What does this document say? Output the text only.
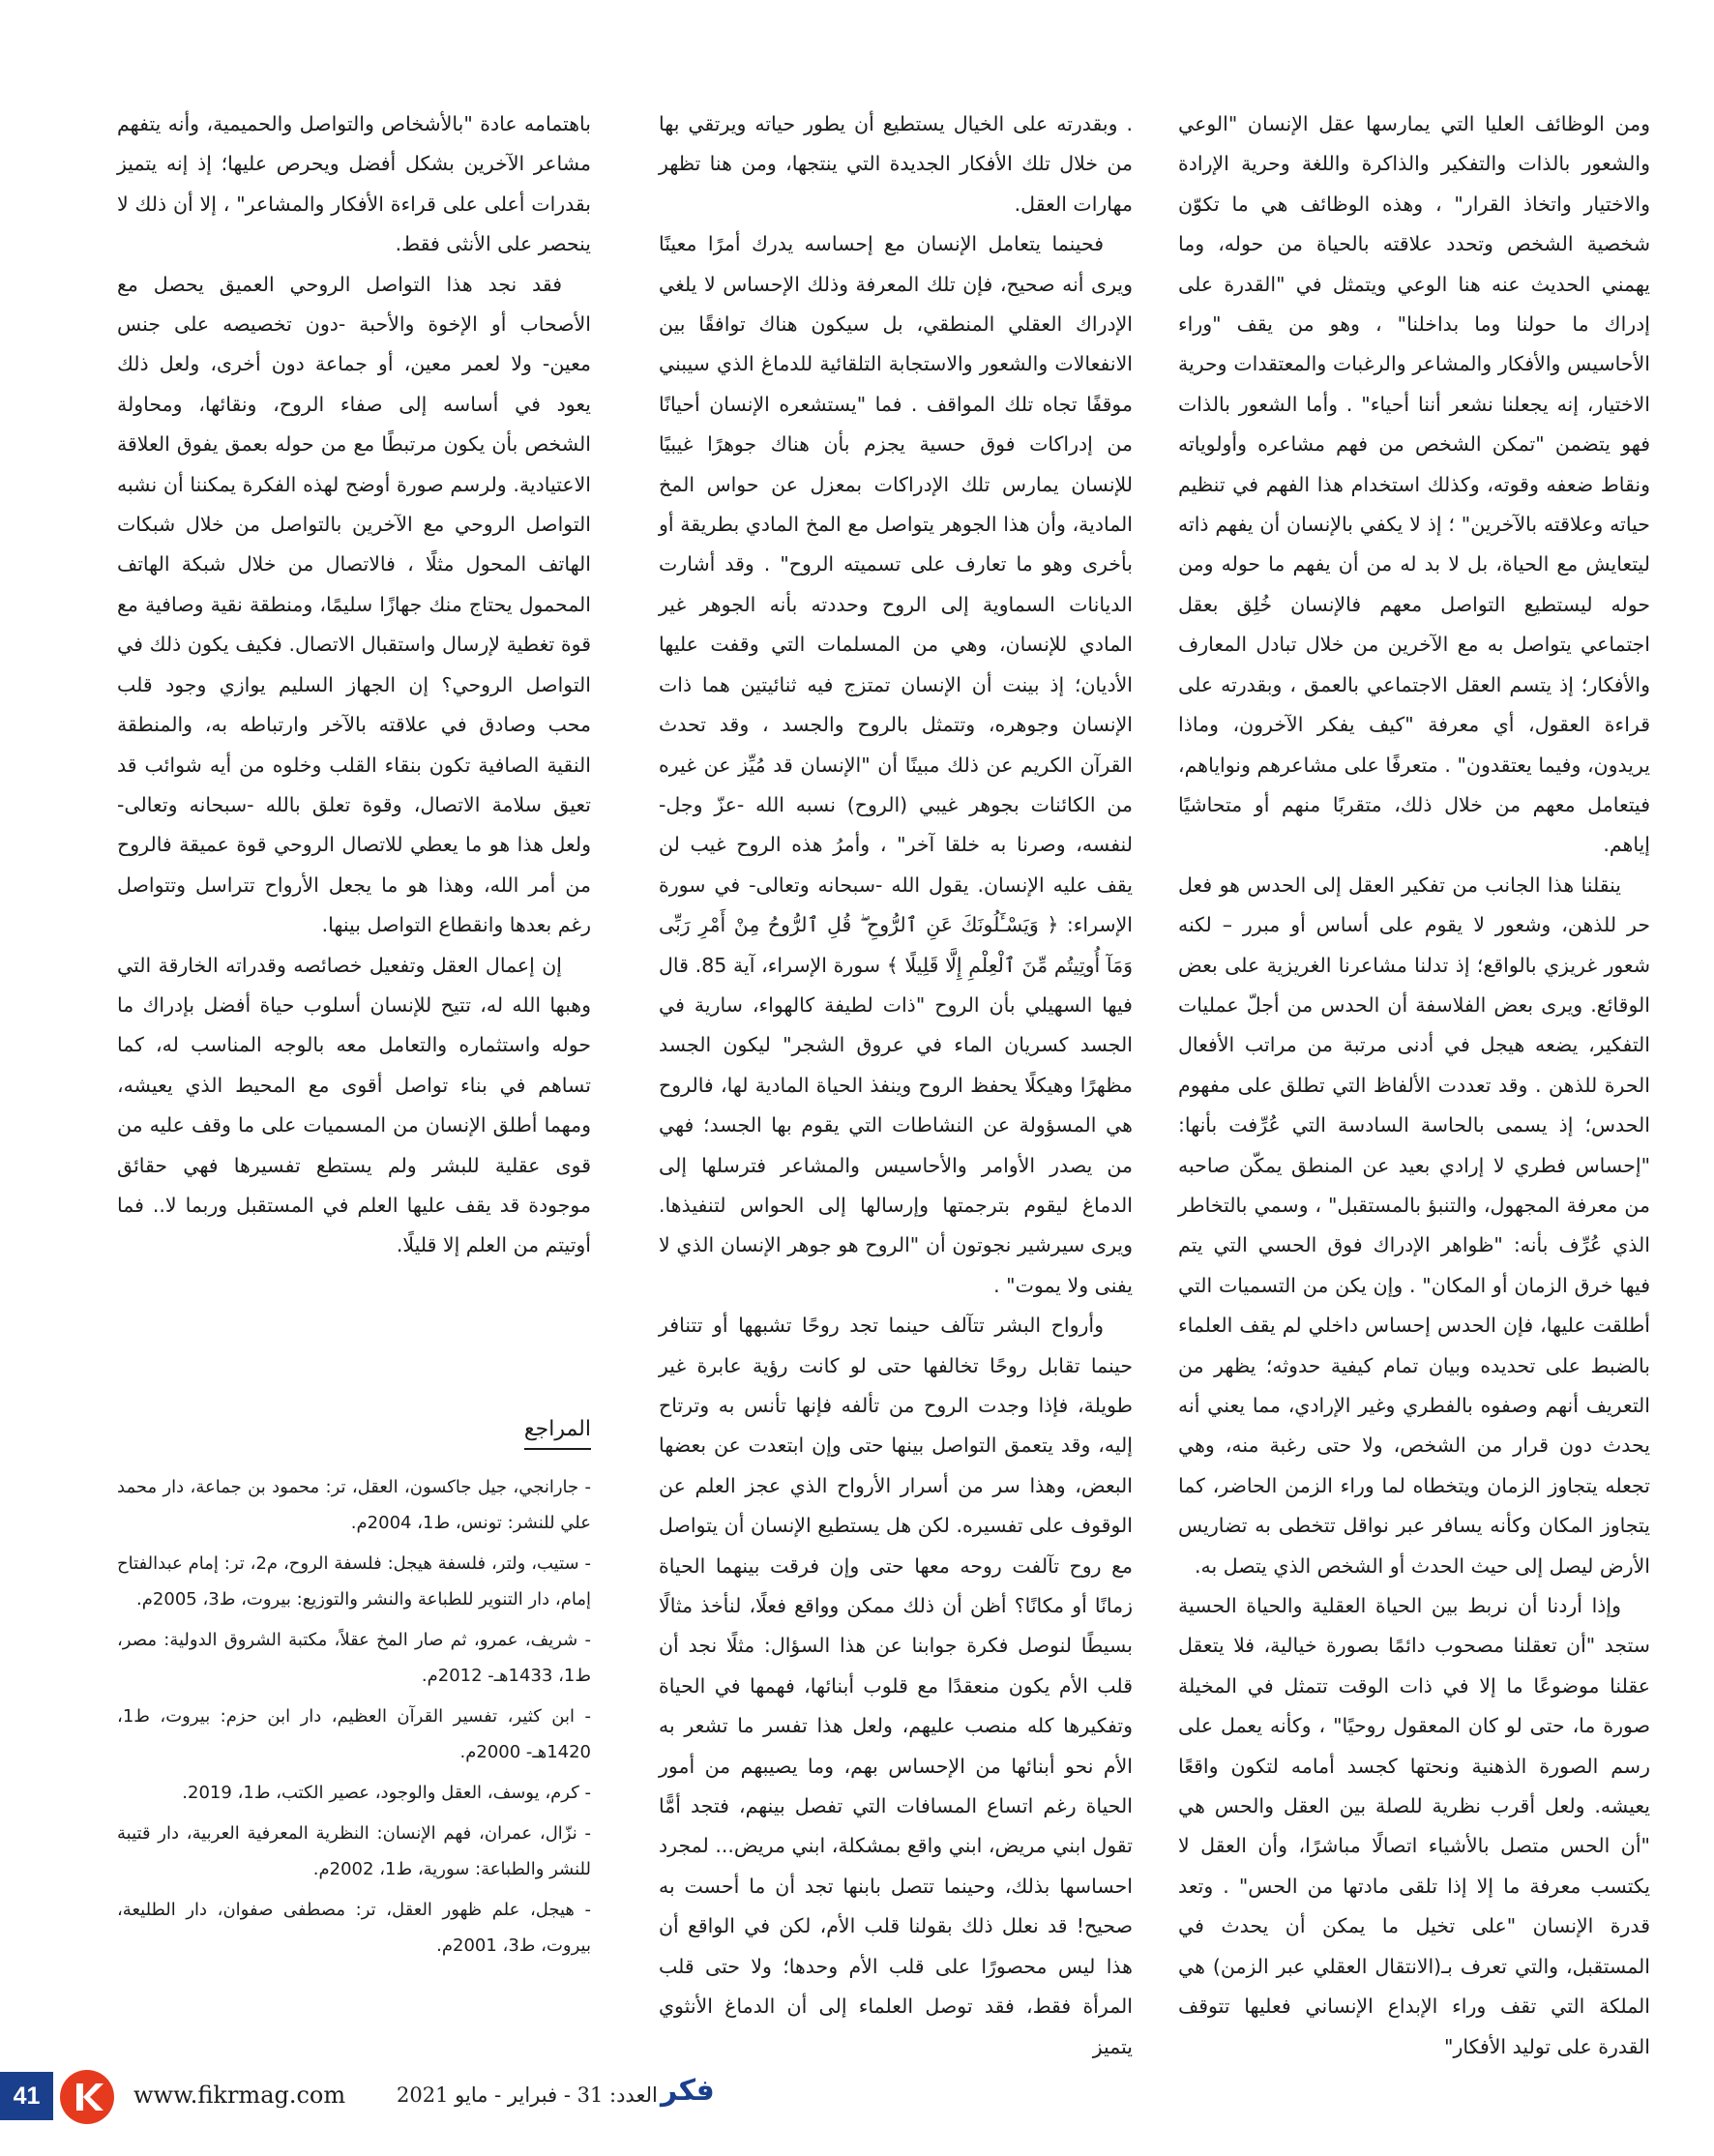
ومن الوظائف العليا التي يمارسها عقل الإنسان "الوعي والشعور بالذات والتفكير والذاكرة واللغة وحرية الإرادة والاختيار واتخاذ القرار" ، وهذه الوظائف هي ما تكوّن شخصية الشخص وتحدد علاقته بالحياة من حوله، وما يهمني الحديث عنه هنا الوعي ويتمثل في "القدرة على إدراك ما حولنا وما بداخلنا" ، وهو من يقف "وراء الأحاسيس والأفكار والمشاعر والرغبات والمعتقدات وحرية الاختيار، إنه يجعلنا نشعر أننا أحياء" . وأما الشعور بالذات فهو يتضمن "تمكن الشخص من فهم مشاعره وأولوياته ونقاط ضعفه وقوته، وكذلك استخدام هذا الفهم في تنظيم حياته وعلاقته بالآخرين" ؛ إذ لا يكفي بالإنسان أن يفهم ذاته ليتعايش مع الحياة، بل لا بد له من أن يفهم ما حوله ومن حوله ليستطيع التواصل معهم فالإنسان خُلِق بعقل اجتماعي يتواصل به مع الآخرين من خلال تبادل المعارف والأفكار؛ إذ يتسم العقل الاجتماعي بالعمق ، وبقدرته على قراءة العقول، أي معرفة "كيف يفكر الآخرون، وماذا يريدون، وفيما يعتقدون" . متعرفًا على مشاعرهم ونواياهم، فيتعامل معهم من خلال ذلك، متقربًا منهم أو متحاشيًا إياهم.

ينقلنا هذا الجانب من تفكير العقل إلى الحدس هو فعل حر للذهن، وشعور لا يقوم على أساس أو مبرر – لكنه شعور غريزي بالواقع؛ إذ تدلنا مشاعرنا الغريزية على بعض الوقائع. ويرى بعض الفلاسفة أن الحدس من أجلّ عمليات التفكير، يضعه هيجل في أدنى مرتبة من مراتب الأفعال الحرة للذهن . وقد تعددت الألفاظ التي تطلق على مفهوم الحدس؛ إذ يسمى بالحاسة السادسة التي عُرِّفت بأنها: "إحساس فطري لا إرادي بعيد عن المنطق يمكّن صاحبه من معرفة المجهول، والتنبؤ بالمستقبل" ، وسمي بالتخاطر الذي عُرِّف بأنه: "ظواهر الإدراك فوق الحسي التي يتم فيها خرق الزمان أو المكان" . وإن يكن من التسميات التي أطلقت عليها، فإن الحدس إحساس داخلي لم يقف العلماء بالضبط على تحديده وبيان تمام كيفية حدوثه؛ يظهر من التعريف أنهم وصفوه بالفطري وغير الإرادي، مما يعني أنه يحدث دون قرار من الشخص، ولا حتى رغبة منه، وهي تجعله يتجاوز الزمان ويتخطاه لما وراء الزمن الحاضر، كما يتجاوز المكان وكأنه يسافر عبر نواقل تتخطى به تضاريس الأرض ليصل إلى حيث الحدث أو الشخص الذي يتصل به.

وإذا أردنا أن نربط بين الحياة العقلية والحياة الحسية ستجد "أن تعقلنا مصحوب دائمًا بصورة خيالية، فلا يتعقل عقلنا موضوعًا ما إلا في ذات الوقت تتمثل في المخيلة صورة ما، حتى لو كان المعقول روحيًا" ، وكأنه يعمل على رسم الصورة الذهنية ونحتها كجسد أمامه لتكون واقعًا يعيشه. ولعل أقرب نظرية للصلة بين العقل والحس هي "أن الحس متصل بالأشياء اتصالًا مباشرًا، وأن العقل لا يكتسب معرفة ما إلا إذا تلقى مادتها من الحس" . وتعد قدرة الإنسان "على تخيل ما يمكن أن يحدث في المستقبل، والتي تعرف بـ(الانتقال العقلي عبر الزمن) هي الملكة التي تقف وراء الإبداع الإنساني فعليها تتوقف القدرة على توليد الأفكار"

. وبقدرته على الخيال يستطيع أن يطور حياته ويرتقي بها من خلال تلك الأفكار الجديدة التي ينتجها، ومن هنا تظهر مهارات العقل.

فحينما يتعامل الإنسان مع إحساسه يدرك أمرًا معينًا ويرى أنه صحيح، فإن تلك المعرفة وذلك الإحساس لا يلغي الإدراك العقلي المنطقي، بل سيكون هناك توافقًا بين الانفعالات والشعور والاستجابة التلقائية للدماغ الذي سيبني موقفًا تجاه تلك المواقف . فما "يستشعره الإنسان أحيانًا من إدراكات فوق حسية يجزم بأن هناك جوهرًا غيبيًا للإنسان يمارس تلك الإدراكات بمعزل عن حواس المخ المادية، وأن هذا الجوهر يتواصل مع المخ المادي بطريقة أو بأخرى وهو ما تعارف على تسميته الروح" . وقد أشارت الديانات السماوية إلى الروح وحددته بأنه الجوهر غير المادي للإنسان، وهي من المسلمات التي وقفت عليها الأديان؛ إذ بينت أن الإنسان تمتزج فيه ثنائيتين هما ذات الإنسان وجوهره، وتتمثل بالروح والجسد ، وقد تحدث القرآن الكريم عن ذلك مبينًا أن "الإنسان قد مُيِّز عن غيره من الكائنات بجوهر غيبي (الروح) نسبه الله -عزّ وجل- لنفسه، وصرنا به خلقا آخر" ، وأمرُ هذه الروح غيب لن يقف عليه الإنسان. يقول الله -سبحانه وتعالى- في سورة الإسراء: ﴿ وَيَسْـَٔلُونَكَ عَنِ ٱلرُّوحِ ۖ قُلِ ٱلرُّوحُ مِنْ أَمْرِ رَبِّى وَمَآ أُوتِيتُم مِّنَ ٱلْعِلْمِ إِلَّا قَلِيلًا ﴾ سورة الإسراء، آية 85. قال فيها السهيلي بأن الروح "ذات لطيفة كالهواء، سارية في الجسد كسريان الماء في عروق الشجر" ليكون الجسد مظهرًا وهيكلًا يحفظ الروح وينفذ الحياة المادية لها، فالروح هي المسؤولة عن النشاطات التي يقوم بها الجسد؛ فهي من يصدر الأوامر والأحاسيس والمشاعر فترسلها إلى الدماغ ليقوم بترجمتها وإرسالها إلى الحواس لتنفيذها. ويرى سيرشير نجوتون أن "الروح هو جوهر الإنسان الذي لا يفنى ولا يموت" .

وأرواح البشر تتآلف حينما تجد روحًا تشبهها أو تتنافر حينما تقابل روحًا تخالفها حتى لو كانت رؤية عابرة غير طويلة، فإذا وجدت الروح من تألفه فإنها تأنس به وترتاح إليه، وقد يتعمق التواصل بينها حتى وإن ابتعدت عن بعضها البعض، وهذا سر من أسرار الأرواح الذي عجز العلم عن الوقوف على تفسيره. لكن هل يستطيع الإنسان أن يتواصل مع روح تآلفت روحه معها حتى وإن فرقت بينهما الحياة زمانًا أو مكانًا؟ أظن أن ذلك ممكن وواقع فعلًا، لنأخذ مثالًا بسيطًا لنوصل فكرة جوابنا عن هذا السؤال: مثلًا نجد أن قلب الأم يكون منعقدًا مع قلوب أبنائها، فهمها في الحياة وتفكيرها كله منصب عليهم، ولعل هذا تفسر ما تشعر به الأم نحو أبنائها من الإحساس بهم، وما يصيبهم من أمور الحياة رغم اتساع المسافات التي تفصل بينهم، فتجد أمًّا تقول ابني مريض، ابني واقع بمشكلة، ابني مريض... لمجرد احساسها بذلك، وحينما تتصل بابنها تجد أن ما أحست به صحيح! قد نعلل ذلك بقولنا قلب الأم، لكن في الواقع أن هذا ليس محصورًا على قلب الأم وحدها؛ ولا حتى قلب المرأة فقط، فقد توصل العلماء إلى أن الدماغ الأنثوي يتميز

باهتمامه عادة "بالأشخاص والتواصل والحميمية، وأنه يتفهم مشاعر الآخرين بشكل أفضل ويحرص عليها؛ إذ إنه يتميز بقدرات أعلى على قراءة الأفكار والمشاعر" ، إلا أن ذلك لا ينحصر على الأنثى فقط.

فقد نجد هذا التواصل الروحي العميق يحصل مع الأصحاب أو الإخوة والأحبة -دون تخصيصه على جنس معين- ولا لعمر معين، أو جماعة دون أخرى، ولعل ذلك يعود في أساسه إلى صفاء الروح، ونقائها، ومحاولة الشخص بأن يكون مرتبطًا مع من حوله بعمق يفوق العلاقة الاعتيادية. ولرسم صورة أوضح لهذه الفكرة يمكننا أن نشبه التواصل الروحي مع الآخرين بالتواصل من خلال شبكات الهاتف المحول مثلًا ، فالاتصال من خلال شبكة الهاتف المحمول يحتاج منك جهازًا سليمًا، ومنطقة نقية وصافية مع قوة تغطية لإرسال واستقبال الاتصال. فكيف يكون ذلك في التواصل الروحي؟ إن الجهاز السليم يوازي وجود قلب محب وصادق في علاقته بالآخر وارتباطه به، والمنطقة النقية الصافية تكون بنقاء القلب وخلوه من أيه شوائب قد تعيق سلامة الاتصال، وقوة تعلق بالله -سبحانه وتعالى- ولعل هذا هو ما يعطي للاتصال الروحي قوة عميقة فالروح من أمر الله، وهذا هو ما يجعل الأرواح تتراسل وتتواصل رغم بعدها وانقطاع التواصل بينها.

إن إعمال العقل وتفعيل خصائصه وقدراته الخارقة التي وهبها الله له، تتيح للإنسان أسلوب حياة أفضل بإدراك ما حوله واستثماره والتعامل معه بالوجه المناسب له، كما تساهم في بناء تواصل أقوى مع المحيط الذي يعيشه، ومهما أطلق الإنسان من المسميات على ما وقف عليه من قوى عقلية للبشر ولم يستطع تفسيرها فهي حقائق موجودة قد يقف عليها العلم في المستقبل وربما لا.. فما أوتيتم من العلم إلا قليلًا.

المراجع
- جارانجي، جيل جاكسون، العقل، تر: محمود بن جماعة، دار محمد علي للنشر: تونس، ط1، 2004م.
- ستيب، ولتر، فلسفة هيجل: فلسفة الروح، م2، تر: إمام عبدالفتاح إمام، دار التنوير للطباعة والنشر والتوزيع: بيروت، ط3، 2005م.
- شريف، عمرو، ثم صار المخ عقلاً، مكتبة الشروق الدولية: مصر، ط1، 1433هـ- 2012م.
- ابن كثير، تفسير القرآن العظيم، دار ابن حزم: بيروت، ط1، 1420هـ- 2000م.
- كرم، يوسف، العقل والوجود، عصير الكتب، ط1، 2019.
- نزّال، عمران، فهم الإنسان: النظرية المعرفية العربية، دار قتيبة للنشر والطباعة: سورية، ط1، 2002م.
- هيجل، علم ظهور العقل، تر: مصطفى صفوان، دار الطليعة، بيروت، ط3، 2001م.
41	www.fikrmag.com	العدد: 31 - فبراير - مايو 2021 فكر
